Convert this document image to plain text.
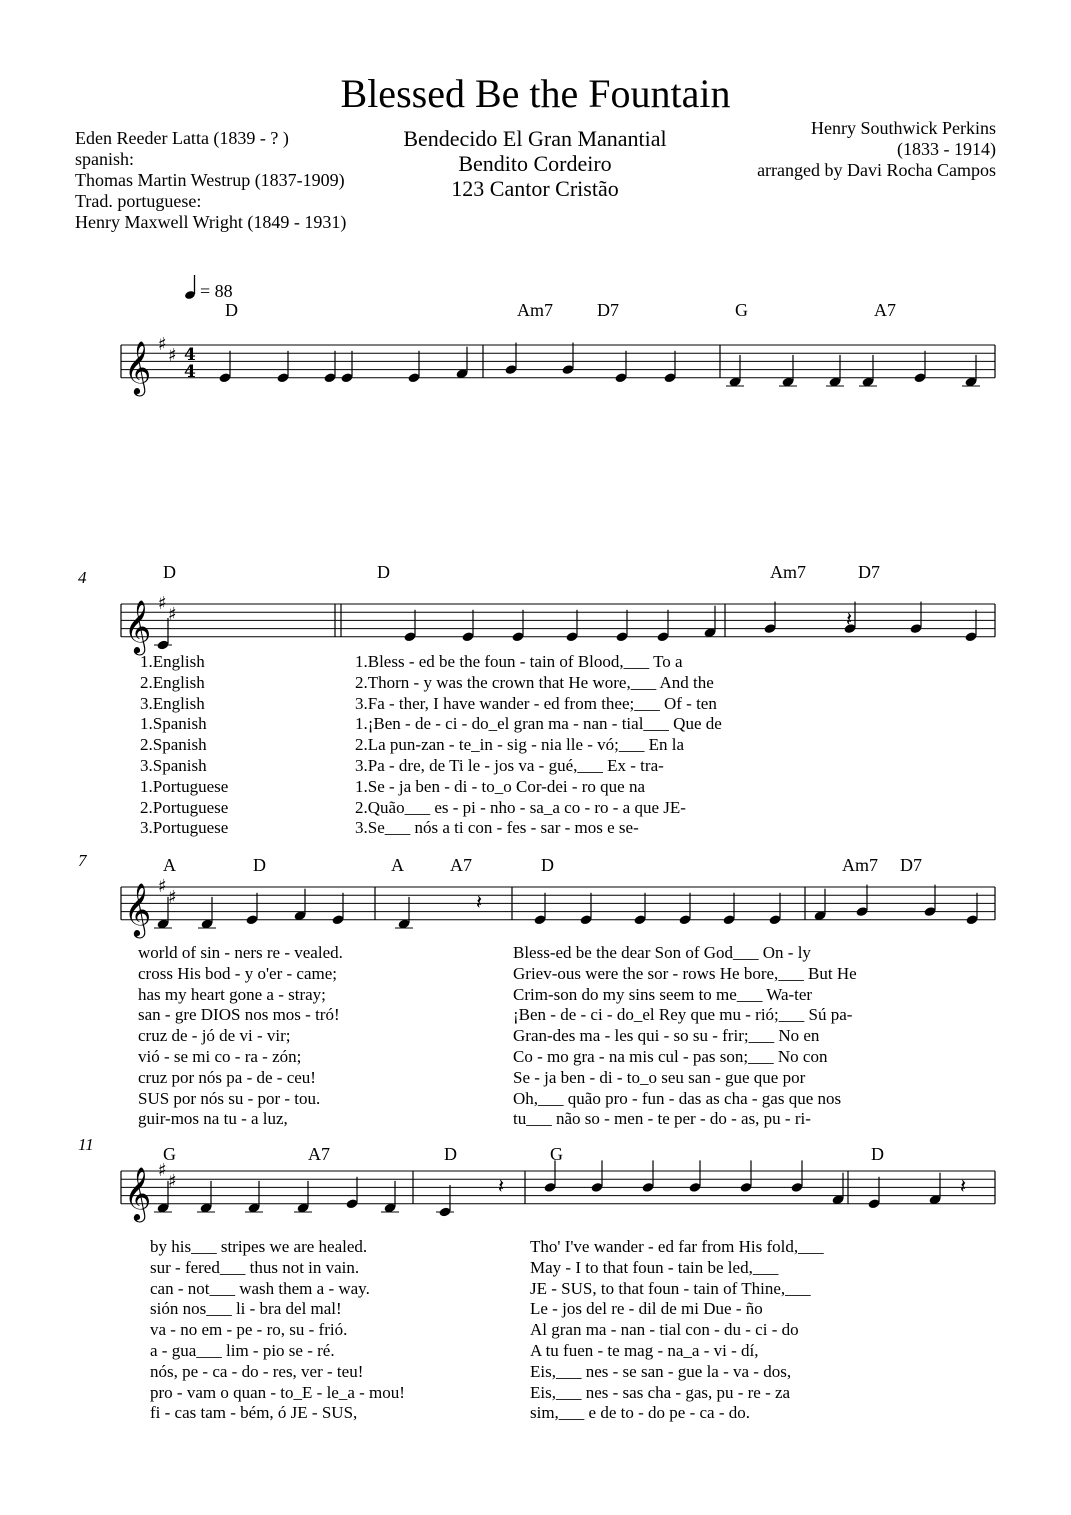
Blessed Be the Fountain
Eden Reeder Latta (1839 - ? )
spanish:
Thomas Martin Westrup (1837-1909)
Trad. portuguese:
Henry Maxwell Wright (1849 - 1931)
Bendecido El Gran Manantial
Bendito Cordeiro
123 Cantor Cristão
Henry Southwick Perkins
(1833 - 1914)
arranged by Davi Rocha Campos
= 88
𝄞 ♯
♯ 4
4
𝄞 ♯
♯	𝄽
𝄞 ♯
♯	𝄽
𝄞 ♯
♯	𝄽	𝄽
D	Am7 D7	G	A7
4	D	D	Am7	D7
1.English	1.Bless - ed be the foun - tain of Blood,___ To a
2.English	2.Thorn - y was the crown that He wore,___ And the
3.English	3.Fa - ther, I have wander - ed from thee;___ Of - ten
1.Spanish	1.¡Ben - de - ci - do_el gran ma - nan - tial___ Que de
2.Spanish	2.La pun-zan - te_in - sig - nia lle - vó;___ En la
3.Spanish	3.Pa - dre, de Ti le - jos va - gué,___ Ex - tra-
1.Portuguese	1.Se - ja ben - di - to_o Cor-dei - ro que na
2.Portuguese	2.Quão___ es - pi - nho - sa_a co - ro - a que JE-
3.Portuguese	3.Se___ nós a ti con - fes - sar - mos e se-
7	A	D	A	A7	D	Am7 D7
world of sin - ners re - vealed.	Bless-ed be the dear Son of God___ On - ly
cross His bod - y o'er - came;	Griev-ous were the sor - rows He bore,___ But He
has my heart gone a - stray;	Crim-son do my sins seem to me___ Wa-ter
san - gre DIOS nos mos - tró!	¡Ben - de - ci - do_el Rey que mu - rió;___ Sú pa-
cruz de - jó de vi - vir;	Gran-des ma - les qui - so su - frir;___ No en
vió - se mi co - ra - zón;	Co - mo gra - na mis cul - pas son;___ No con
cruz por nós pa - de - ceu!	Se - ja ben - di - to_o seu san - gue que por
SUS por nós su - por - tou.	Oh,___ quão pro - fun - das as cha - gas que nos
guir-mos na tu - a luz,	tu___ não so - men - te per - do - as, pu - ri-
11	G	A7	D	G	D
by his___ stripes we are healed.	Tho' I've wander - ed far from His fold,___
sur - fered___ thus not in vain.	May - I to that foun - tain be led,___
can - not___ wash them a - way.	JE - SUS, to that foun - tain of Thine,___
sión nos___ li - bra del mal!	Le - jos del re - dil de mi Due - ño
va - no em - pe - ro, su - frió.	Al gran ma - nan - tial con - du - ci - do
a - gua___ lim - pio se - ré.	A tu fuen - te mag - na_a - vi - dí,
nós, pe - ca - do - res, ver - teu!	Eis,___ nes - se san - gue la - va - dos,
pro - vam o quan - to_E - le_a - mou!	Eis,___ nes - sas cha - gas, pu - re - za
fi - cas tam - bém, ó JE - SUS,	sim,___ e de to - do pe - ca - do.
